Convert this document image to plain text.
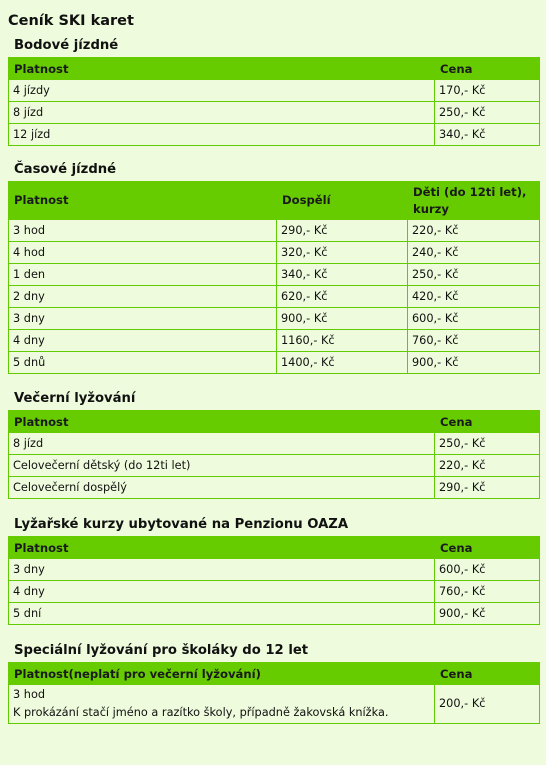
Ceník SKI karet
Bodové jízdné
Platnost	Cena
4 jízdy	170,- Kč
8 jízd	250,- Kč
12 jízd	340,- Kč
Časové jízdné
Platnost	Dospělí	Děti (do 12ti let), kurzy
3 hod	290,- Kč	220,- Kč
4 hod	320,- Kč	240,- Kč
1 den	340,- Kč	250,- Kč
2 dny	620,- Kč	420,- Kč
3 dny	900,- Kč	600,- Kč
4 dny	1160,- Kč	760,- Kč
5 dnů	1400,- Kč	900,- Kč
Večerní lyžování
Platnost	Cena
8 jízd	250,- Kč
Celovečerní dětský (do 12ti let)	220,- Kč
Celovečerní dospělý	290,- Kč
Lyžařské kurzy ubytované na Penzionu OAZA
Platnost	Cena
3 dny	600,- Kč
4 dny	760,- Kč
5 dní	900,- Kč
Speciální lyžování pro školáky do 12 let
Platnost(neplatí pro večerní lyžování)	Cena

3 hod
K prokázání stačí jméno a razítko školy, případně žakovská knížka.	200,- Kč
